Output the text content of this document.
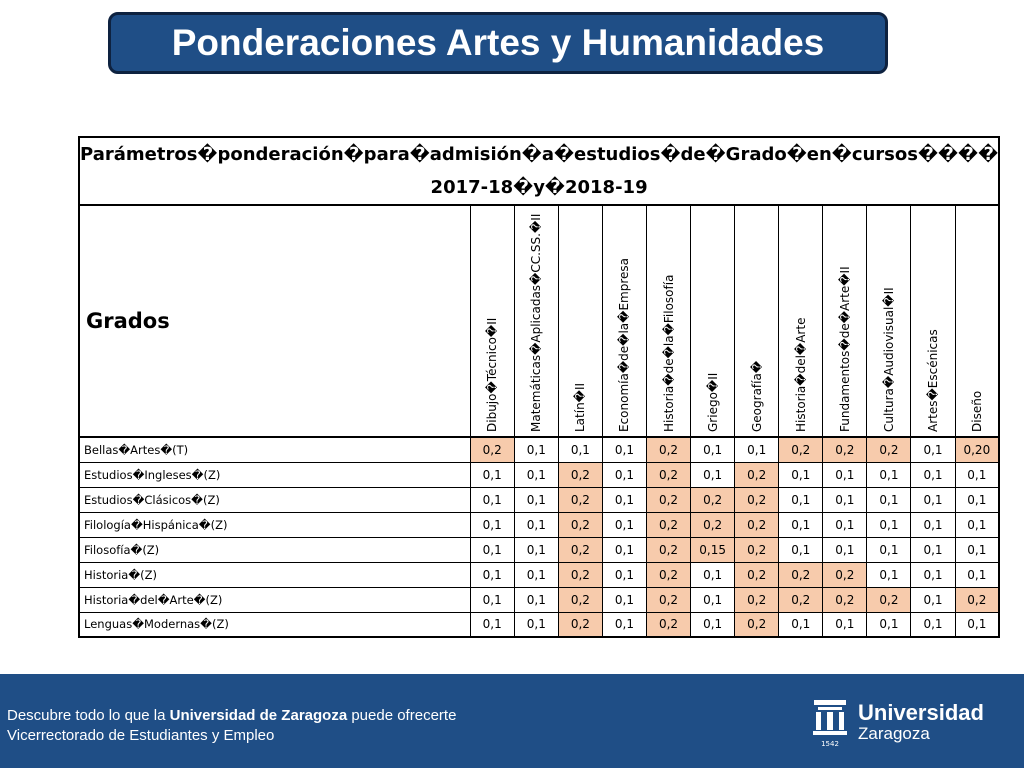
Ponderaciones Artes y Humanidades
Parámetros�ponderación�para�admisión�a�estudios�de�Grado�en�cursos����
2017-18�y�2018-19												

Grados	Dibujo�Técnico�II	Matemáticas�Aplicadas�CC.SS.�II	Latín�II	Economía�de�la�Empresa	Historia�de�la�Filosofía	Griego�II	Geografía�	Historia�del�Arte	Fundamentos�de�Arte�II	Cultura�Audiovisual�II	Artes�Escénicas	Diseño

Bellas�Artes�(T)	0,2	0,1	0,1	0,1	0,2	0,1	0,1	0,2	0,2	0,2	0,1	0,20
Estudios�Ingleses�(Z)	0,1	0,1	0,2	0,1	0,2	0,1	0,2	0,1	0,1	0,1	0,1	0,1
Estudios�Clásicos�(Z)	0,1	0,1	0,2	0,1	0,2	0,2	0,2	0,1	0,1	0,1	0,1	0,1
Filología�Hispánica�(Z)	0,1	0,1	0,2	0,1	0,2	0,2	0,2	0,1	0,1	0,1	0,1	0,1
Filosofía�(Z)	0,1	0,1	0,2	0,1	0,2	0,15	0,2	0,1	0,1	0,1	0,1	0,1
Historia�(Z)	0,1	0,1	0,2	0,1	0,2	0,1	0,2	0,2	0,2	0,1	0,1	0,1
Historia�del�Arte�(Z)	0,1	0,1	0,2	0,1	0,2	0,1	0,2	0,2	0,2	0,2	0,1	0,2
Lenguas�Modernas�(Z)	0,1	0,1	0,2	0,1	0,2	0,1	0,2	0,1	0,1	0,1	0,1	0,1
Descubre todo lo que la Universidad de Zaragoza puede ofrecerte
Vicerrectorado de Estudiantes y Empleo	1542
Universidad
Zaragoza
